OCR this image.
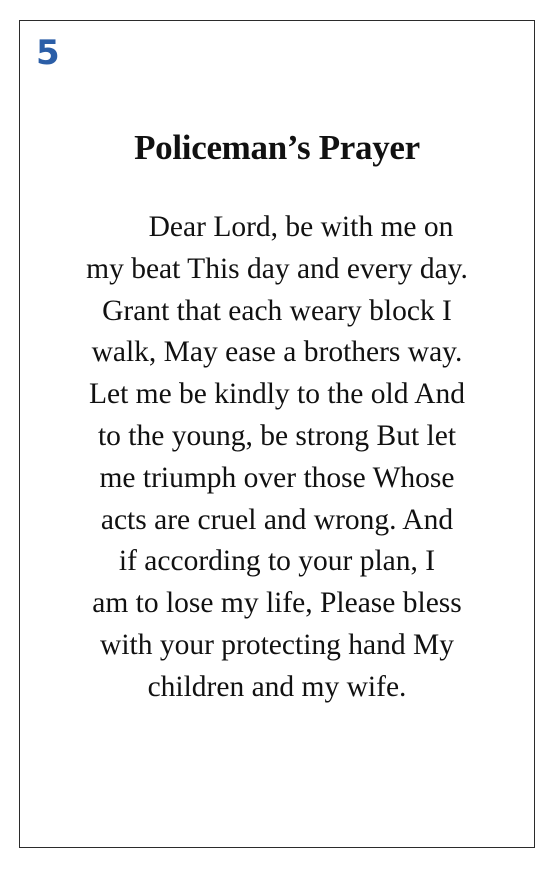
5
Policeman’s Prayer
Dear Lord, be with me on
my beat This day and every day.
Grant that each weary block I
walk, May ease a brothers way.
Let me be kindly to the old And
to the young, be strong But let
me triumph over those Whose
acts are cruel and wrong. And
if according to your plan, I
am to lose my life, Please bless
with your protecting hand My
children and my wife.
